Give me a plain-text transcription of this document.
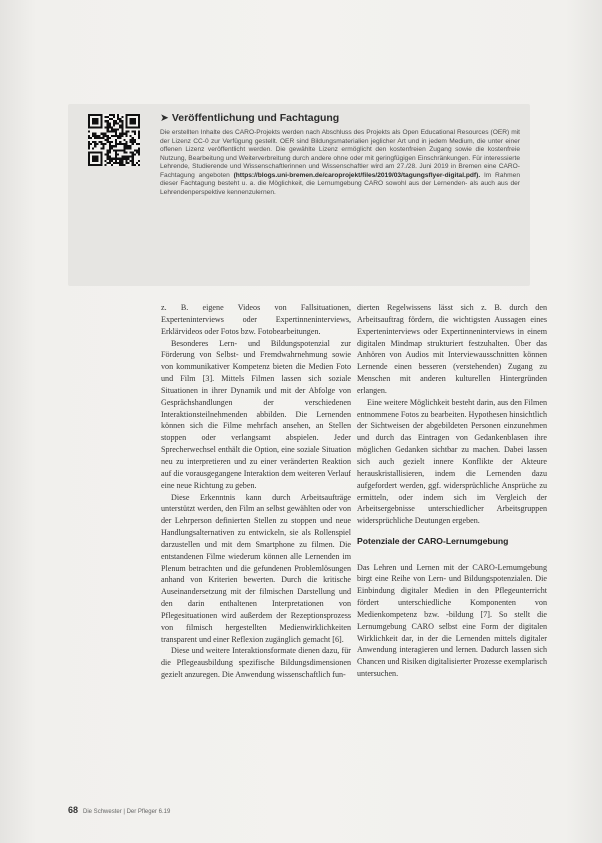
➤ Veröffentlichung und Fachtagung
Die erstellten Inhalte des CARO-Projekts werden nach Abschluss des Projekts als Open Educational Resources (OER) mit der Lizenz CC-0 zur Verfügung gestellt. OER sind Bildungsmaterialien jeglicher Art und in jedem Medium, die unter einer offenen Lizenz veröffentlicht werden. Die gewählte Lizenz ermöglicht den kostenfreien Zugang sowie die kostenfreie Nutzung, Bearbeitung und Weiterverbreitung durch andere ohne oder mit geringfügigen Einschränkungen. Für interessierte Lehrende, Studierende und Wissenschaftlerinnen und Wissenschaftler wird am 27./28. Juni 2019 in Bremen eine CARO-Fachtagung angeboten (https://blogs.uni-bremen.de/caroprojekt/files/2019/03/tagungsflyer-digital.pdf). Im Rahmen dieser Fachtagung besteht u. a. die Möglichkeit, die Lernumgebung CARO sowohl aus der Lernenden- als auch aus der Lehrendenperspektive kennenzulernen.

z. B. eigene Videos von Fallsituationen, Experteninterviews oder Expertinneninterviews, Erklärvideos oder Fotos bzw. Fotobearbeitungen.

Besonderes Lern- und Bildungspotenzial zur Förderung von Selbst- und Fremdwahrnehmung sowie von kommunikativer Kompetenz bieten die Medien Foto und Film [3]. Mittels Filmen lassen sich soziale Situationen in ihrer Dynamik und mit der Abfolge von Gesprächshandlungen der verschiedenen Interaktionsteilnehmenden abbilden. Die Lernenden können sich die Filme mehrfach ansehen, an Stellen stoppen oder verlangsamt abspielen. Jeder Sprecherwechsel enthält die Option, eine soziale Situation neu zu interpretieren und zu einer veränderten Reaktion auf die vorausgegangene Interaktion dem weiteren Verlauf eine neue Richtung zu geben.

Diese Erkenntnis kann durch Arbeitsaufträge unterstützt werden, den Film an selbst gewählten oder von der Lehrperson definierten Stellen zu stoppen und neue Handlungsalternativen zu entwickeln, sie als Rollenspiel darzustellen und mit dem Smartphone zu filmen. Die entstandenen Filme wiederum können alle Lernenden im Plenum betrachten und die gefundenen Problemlösungen anhand von Kriterien bewerten. Durch die kritische Auseinandersetzung mit der filmischen Darstellung und den darin enthaltenen Interpretationen von Pflegesituationen wird außerdem der Rezeptionsprozess von filmisch hergestellten Medienwirklichkeiten transparent und einer Reflexion zugänglich gemacht [6].

Diese und weitere Interaktionsformate dienen dazu, für die Pflegeausbildung spezifische Bildungsdimensionen gezielt anzuregen. Die Anwendung wissenschaftlich fun-

dierten Regelwissens lässt sich z. B. durch den Arbeitsauftrag fördern, die wichtigsten Aussagen eines Experteninterviews oder Expertinneninterviews in einem digitalen Mindmap strukturiert festzuhalten. Über das Anhören von Audios mit Interviewausschnitten können Lernende einen besseren (verstehenden) Zugang zu Menschen mit anderen kulturellen Hintergründen erlangen.

Eine weitere Möglichkeit besteht darin, aus den Filmen entnommene Fotos zu bearbeiten. Hypothesen hinsichtlich der Sichtweisen der abgebildeten Personen einzunehmen und durch das Eintragen von Gedankenblasen ihre möglichen Gedanken sichtbar zu machen. Dabei lassen sich auch gezielt innere Konflikte der Akteure herauskristallisieren, indem die Lernenden dazu aufgefordert werden, ggf. widersprüchliche Ansprüche zu ermitteln, oder indem sich im Vergleich der Arbeitsergebnisse unterschiedlicher Arbeitsgruppen widersprüchliche Deutungen ergeben.

Potenziale der CARO-Lernumgebung

Das Lehren und Lernen mit der CARO-Lernumgebung birgt eine Reihe von Lern- und Bildungspotenzialen. Die Einbindung digitaler Medien in den Pflegeunterricht fördert unterschiedliche Komponenten von Medienkompetenz bzw. -bildung [7]. So stellt die Lernumgebung CARO selbst eine Form der digitalen Wirklichkeit dar, in der die Lernenden mittels digitaler Anwendung interagieren und lernen. Dadurch lassen sich Chancen und Risiken digitalisierter Prozesse exemplarisch untersuchen.

68 Die Schwester | Der Pfleger 6.19
